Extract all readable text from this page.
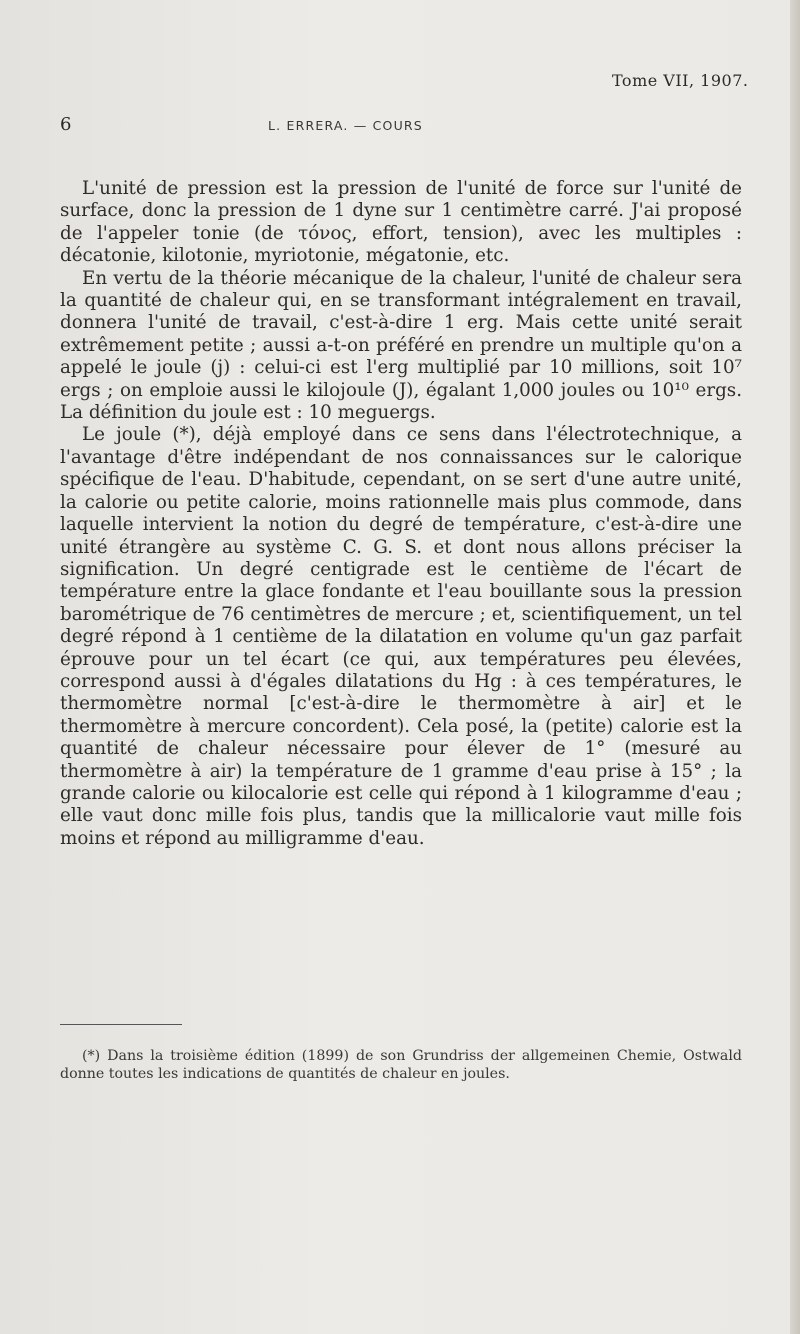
Tome VII, 1907.
6	L. ERRERA. — COURS

L'unité de pression est la pression de l'unité de force sur l'unité de surface, donc la pression de 1 dyne sur 1 centimètre carré. J'ai proposé de l'appeler tonie (de τόνος, effort, tension), avec les multiples : décatonie, kilotonie, myriotonie, mégatonie, etc.

En vertu de la théorie mécanique de la chaleur, l'unité de chaleur sera la quantité de chaleur qui, en se transformant intégralement en travail, donnera l'unité de travail, c'est-à-dire 1 erg. Mais cette unité serait extrêmement petite ; aussi a-t-on préféré en prendre un multiple qu'on a appelé le joule (j) : celui-ci est l'erg multiplié par 10 millions, soit 10⁷ ergs ; on emploie aussi le kilojoule (J), égalant 1,000 joules ou 10¹⁰ ergs. La définition du joule est : 10 meguergs.

Le joule (*), déjà employé dans ce sens dans l'électrotechnique, a l'avantage d'être indépendant de nos connaissances sur le calorique spécifique de l'eau. D'habitude, cependant, on se sert d'une autre unité, la calorie ou petite calorie, moins rationnelle mais plus commode, dans laquelle intervient la notion du degré de température, c'est-à-dire une unité étrangère au système C. G. S. et dont nous allons préciser la signification. Un degré centigrade est le centième de l'écart de température entre la glace fondante et l'eau bouillante sous la pression barométrique de 76 centimètres de mercure ; et, scientifiquement, un tel degré répond à 1 centième de la dilatation en volume qu'un gaz parfait éprouve pour un tel écart (ce qui, aux températures peu élevées, correspond aussi à d'égales dilatations du Hg : à ces températures, le thermomètre normal [c'est-à-dire le thermomètre à air] et le thermomètre à mercure concordent). Cela posé, la (petite) calorie est la quantité de chaleur nécessaire pour élever de 1° (mesuré au thermomètre à air) la température de 1 gramme d'eau prise à 15° ; la grande calorie ou kilocalorie est celle qui répond à 1 kilogramme d'eau ; elle vaut donc mille fois plus, tandis que la millicalorie vaut mille fois moins et répond au milligramme d'eau.

(*) Dans la troisième édition (1899) de son Grundriss der allgemeinen Chemie, Ostwald donne toutes les indications de quantités de chaleur en joules.
